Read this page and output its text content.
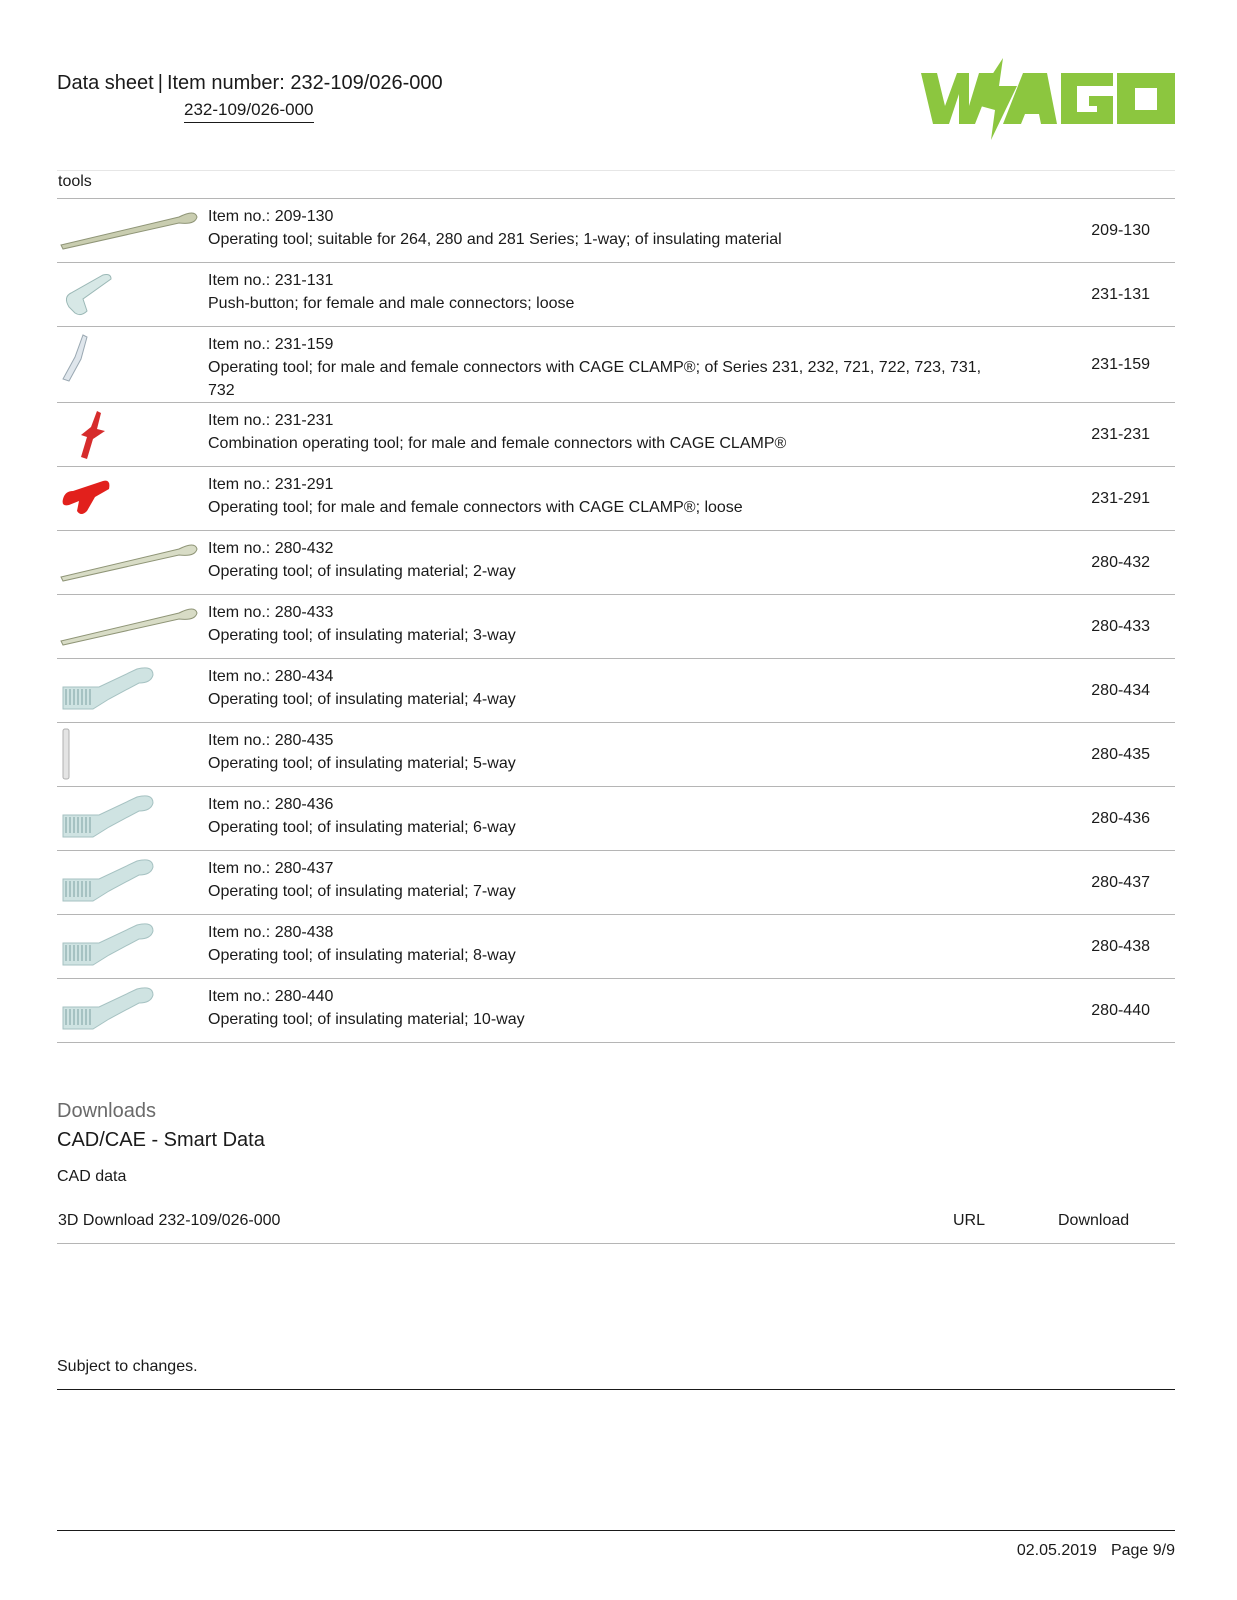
Data sheet | Item number: 232-109/026-000
232-109/026-000
tools
Item no.: 209-130
Operating tool; suitable for 264, 280 and 281 Series; 1-way; of insulating material
209-130
Item no.: 231-131
Push-button; for female and male connectors; loose
231-131
Item no.: 231-159
Operating tool; for male and female connectors with CAGE CLAMP®; of Series 231, 232, 721, 722, 723, 731, 732
231-159
Item no.: 231-231
Combination operating tool; for male and female connectors with CAGE CLAMP®
231-231
Item no.: 231-291
Operating tool; for male and female connectors with CAGE CLAMP®; loose
231-291
Item no.: 280-432
Operating tool; of insulating material; 2-way
280-432
Item no.: 280-433
Operating tool; of insulating material; 3-way
280-433
Item no.: 280-434
Operating tool; of insulating material; 4-way
280-434
Item no.: 280-435
Operating tool; of insulating material; 5-way
280-435
Item no.: 280-436
Operating tool; of insulating material; 6-way
280-436
Item no.: 280-437
Operating tool; of insulating material; 7-way
280-437
Item no.: 280-438
Operating tool; of insulating material; 8-way
280-438
Item no.: 280-440
Operating tool; of insulating material; 10-way
280-440
Downloads
CAD/CAE - Smart Data
CAD data
3D Download 232-109/026-000	URL	Download
Subject to changes.
02.05.2019 Page 9/9
